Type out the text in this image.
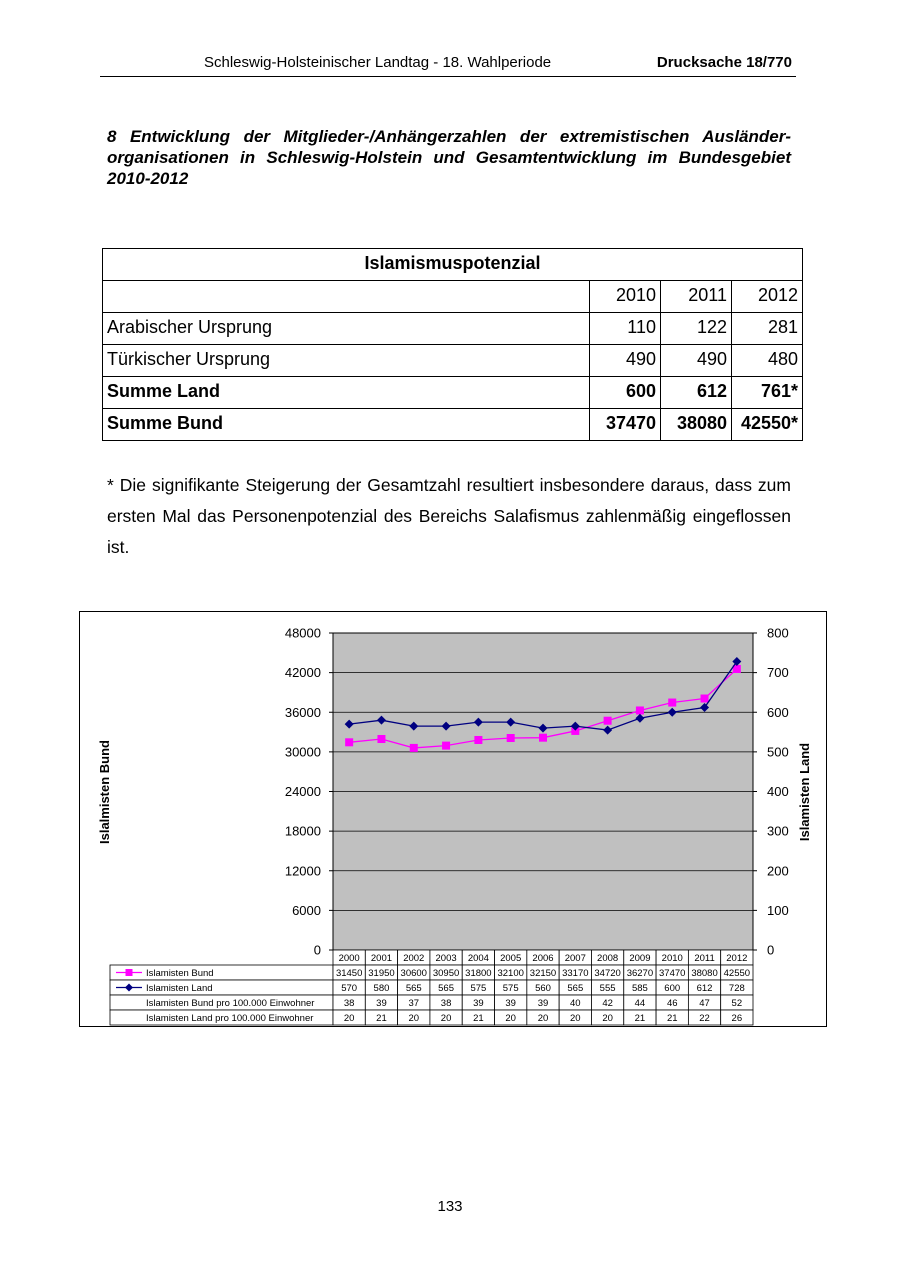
Schleswig-Holsteinischer Landtag - 18. Wahlperiode	Drucksache 18/770
8 Entwicklung der Mitglieder-/Anhängerzahlen der extremistischen Ausländer-organisationen in Schleswig-Holstein und Gesamtentwicklung im Bundesgebiet 2010-2012
Islamismuspotenzial			
	2010	2011	2012
Arabischer Ursprung	110	122	281
Türkischer Ursprung	490	490	480
Summe Land	600	612	761*
Summe Bund	37470	38080	42550*
* Die signifikante Steigerung der Gesamtzahl resultiert insbesondere daraus, dass zum ersten Mal das Personenpotenzial des Bereichs Salafismus zahlenmäßig eingeflossen ist.
48000	800
42000	700
36000	600
30000	500
24000	400
18000	300
12000	200
6000	100
0	0
Islalmisten Bund	Islamisten Land
2000 2001 2002 2003 2004 2005 2006 2007 2008 2009 2010 2011 2012
Islamisten Bund	31450 31950 30600 30950 31800 32100 32150 33170 34720 36270 37470 38080 42550
Islamisten Land	570 580 565 565 575 575 560 565 555 585 600 612 728
Islamisten Bund pro 100.000 Einwohner	38 39 37 38 39 39 39 40 42 44 46 47 52
Islamisten Land pro 100.000 Einwohner	20 21 20 20 21 20 20 20 20 21 21 22 26
133
